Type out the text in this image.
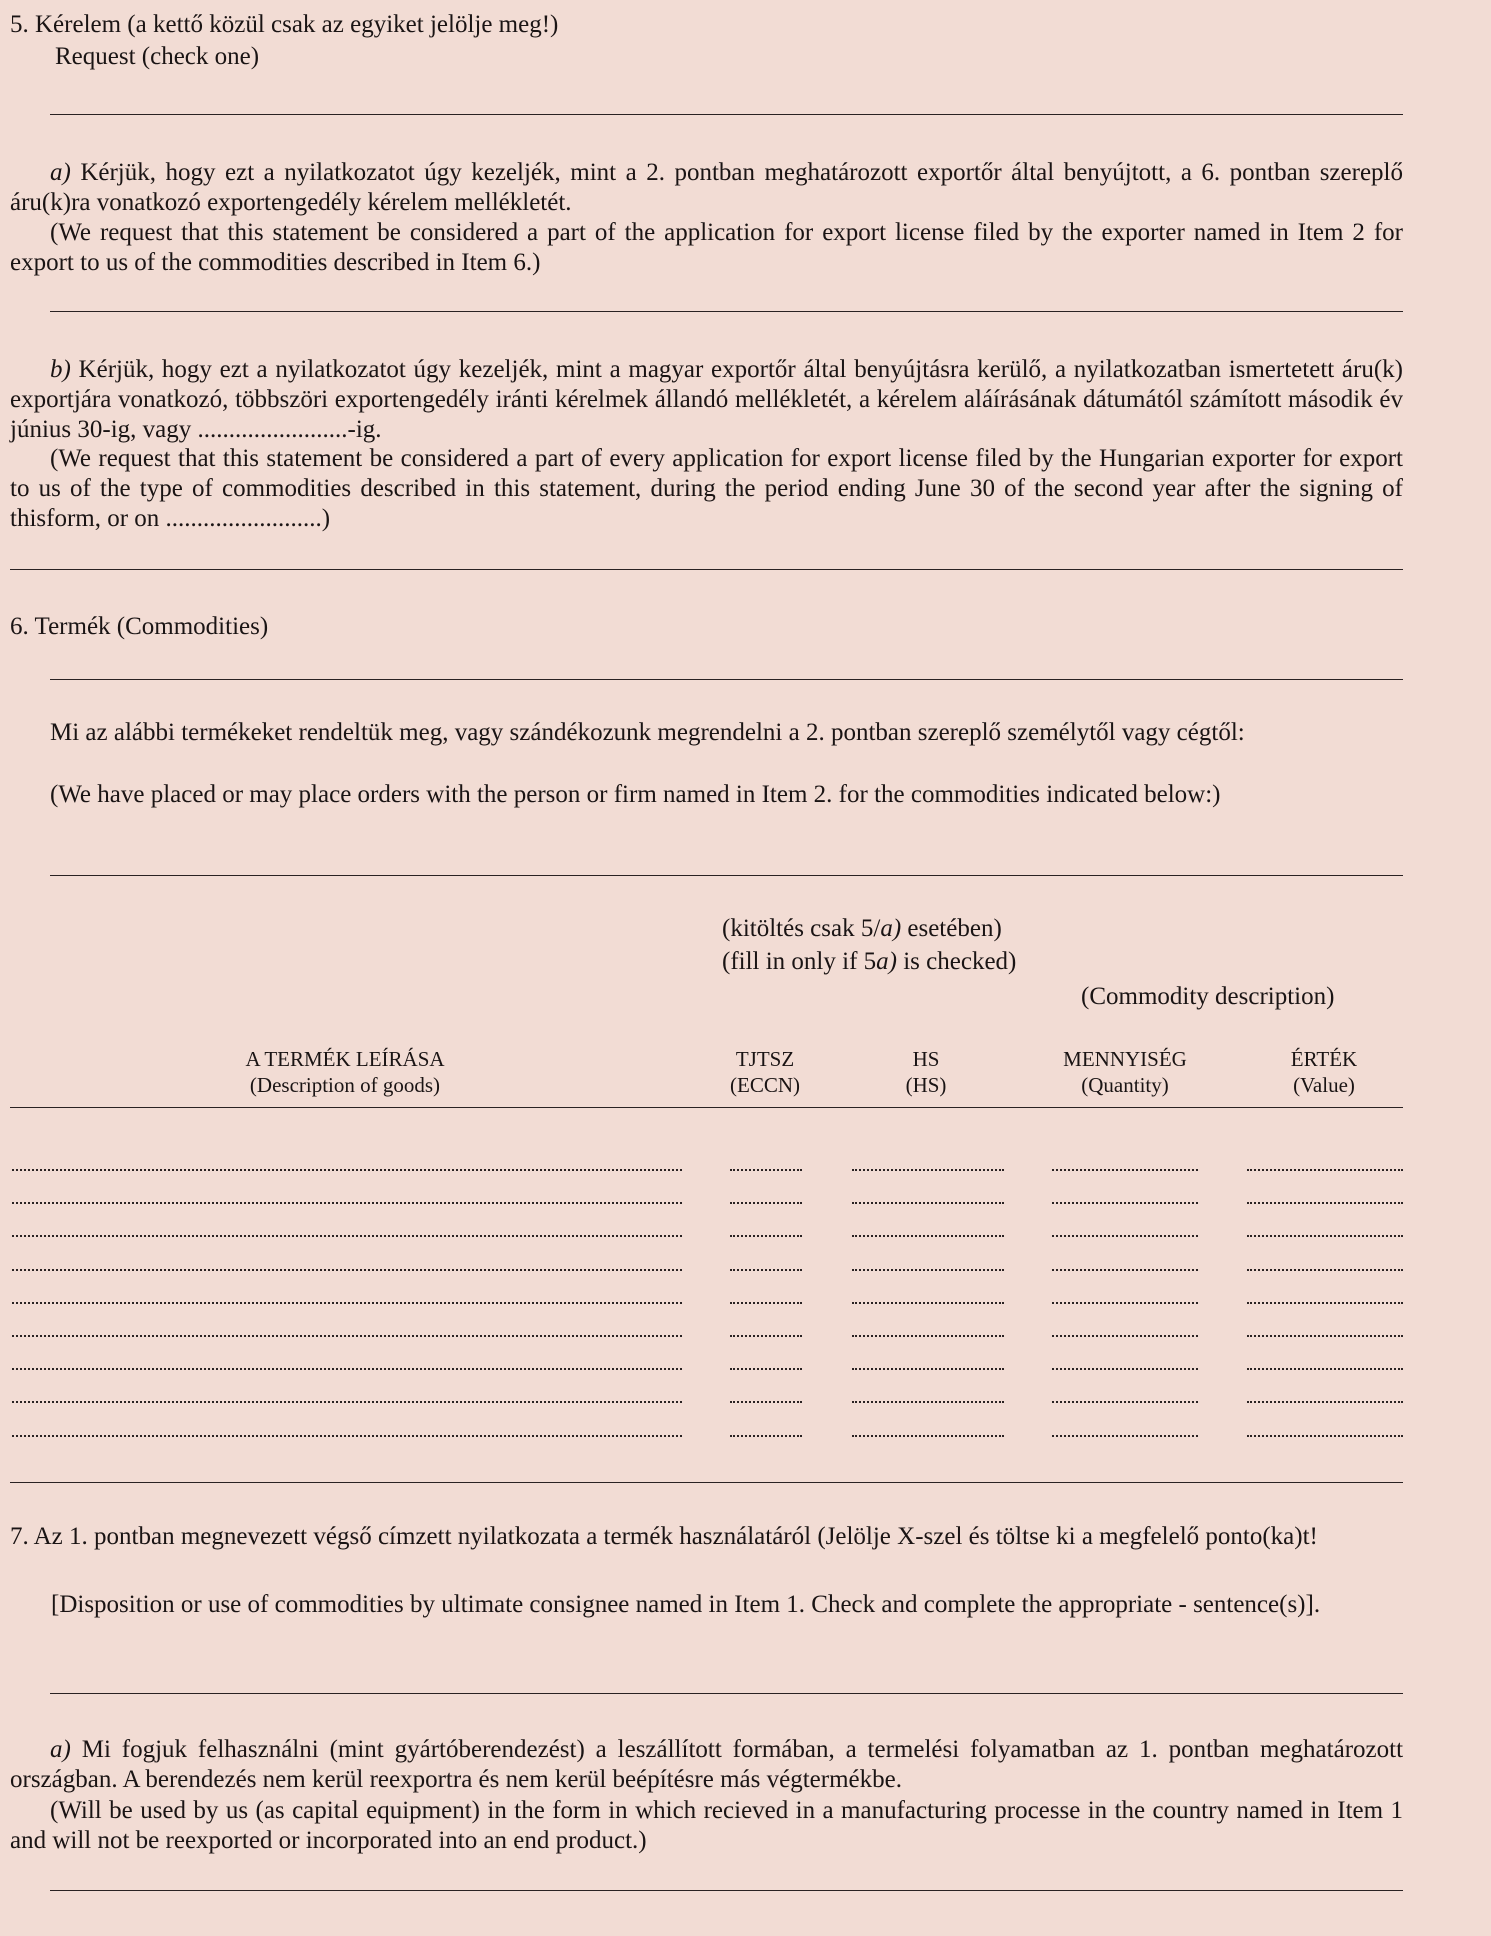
5. Kérelem (a kettő közül csak az egyiket jelölje meg!)
Request (check one)
a) Kérjük, hogy ezt a nyilatkozatot úgy kezeljék, mint a 2. pontban meghatározott exportőr által benyújtott, a 6. pontban szereplő áru(k)ra vonatkozó exportengedély kérelem mellékletét.
(We request that this statement be considered a part of the application for export license filed by the exporter named in Item 2 for export to us of the commodities described in Item 6.)
b) Kérjük, hogy ezt a nyilatkozatot úgy kezeljék, mint a magyar exportőr által benyújtásra kerülő, a nyilatkozatban ismertetett áru(k) exportjára vonatkozó, többszöri exportengedély iránti kérelmek állandó mellékletét, a kérelem aláírásának dátumától számított második év június 30-ig, vagy ........................-ig.
(We request that this statement be considered a part of every application for export license filed by the Hungarian exporter for export to us of the type of commodities described in this statement, during the period ending June 30 of the second year after the signing of thisform, or on .........................)
6. Termék (Commodities)
Mi az alábbi termékeket rendeltük meg, vagy szándékozunk megrendelni a 2. pontban szereplő személytől vagy cégtől:
(We have placed or may place orders with the person or firm named in Item 2. for the commodities indicated below:)
(kitöltés csak 5/a) esetében)
(fill in only if 5a) is checked)
(Commodity description)
A TERMÉK LEÍRÁSA
(Description of goods)
TJTSZ
(ECCN)
HS
(HS)
MENNYISÉG
(Quantity)
ÉRTÉK
(Value)
7. Az 1. pontban megnevezett végső címzett nyilatkozata a termék használatáról (Jelölje X-szel és töltse ki a megfelelő ponto(ka)t!
[Disposition or use of commodities by ultimate consignee named in Item 1. Check and complete the appropriate - sentence(s)].
a) Mi fogjuk felhasználni (mint gyártóberendezést) a leszállított formában, a termelési folyamatban az 1. pontban meghatározott országban. A berendezés nem kerül reexportra és nem kerül beépítésre más végtermékbe.
(Will be used by us (as capital equipment) in the form in which recieved in a manufacturing processe in the country named in Item 1 and will not be reexported or incorporated into an end product.)
